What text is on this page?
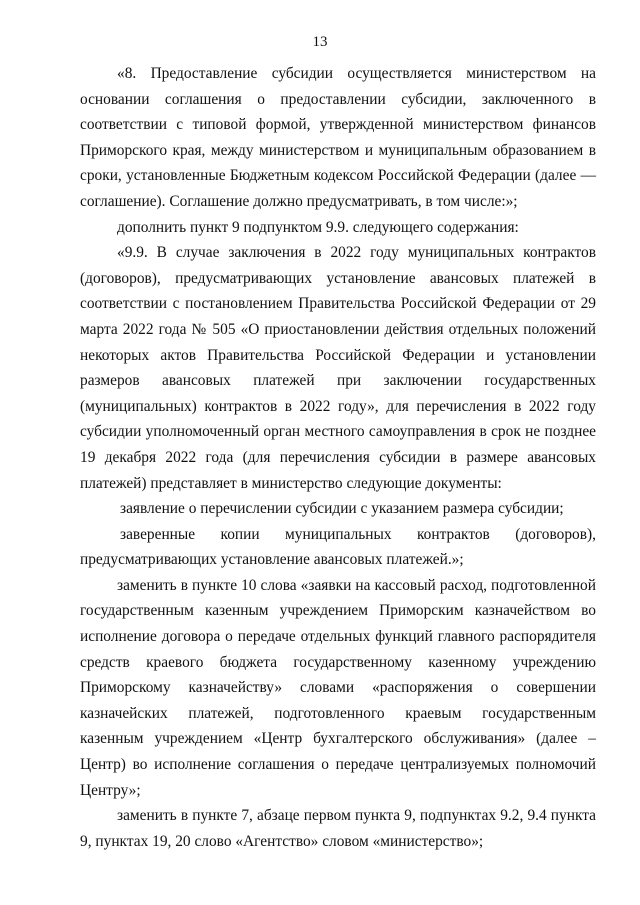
13

«8. Предоставление субсидии осуществляется министерством на основании соглашения о предоставлении субсидии, заключенного в соответствии с типовой формой, утвержденной министерством финансов Приморского края, между министерством и муниципальным образованием в сроки, установленные Бюджетным кодексом Российской Федерации (далее — соглашение). Соглашение должно предусматривать, в том числе:»;

дополнить пункт 9 подпунктом 9.9. следующего содержания:

«9.9. В случае заключения в 2022 году муниципальных контрактов (договоров), предусматривающих установление авансовых платежей в соответствии с постановлением Правительства Российской Федерации от 29 марта 2022 года № 505 «О приостановлении действия отдельных положений некоторых актов Правительства Российской Федерации и установлении размеров авансовых платежей при заключении государственных (муниципальных) контрактов в 2022 году», для перечисления в 2022 году субсидии уполномоченный орган местного самоуправления в срок не позднее 19 декабря 2022 года (для перечисления субсидии в размере авансовых платежей) представляет в министерство следующие документы:

заявление о перечислении субсидии с указанием размера субсидии;

заверенные копии муниципальных контрактов (договоров), предусматривающих установление авансовых платежей.»;

заменить в пункте 10 слова «заявки на кассовый расход, подготовленной государственным казенным учреждением Приморским казначейством во исполнение договора о передаче отдельных функций главного распорядителя средств краевого бюджета государственному казенному учреждению Приморскому казначейству» словами «распоряжения о совершении казначейских платежей, подготовленного краевым государственным казенным учреждением «Центр бухгалтерского обслуживания» (далее – Центр) во исполнение соглашения о передаче централизуемых полномочий Центру»;

заменить в пункте 7, абзаце первом пункта 9, подпунктах 9.2, 9.4 пункта 9, пунктах 19, 20 слово «Агентство» словом «министерство»;
